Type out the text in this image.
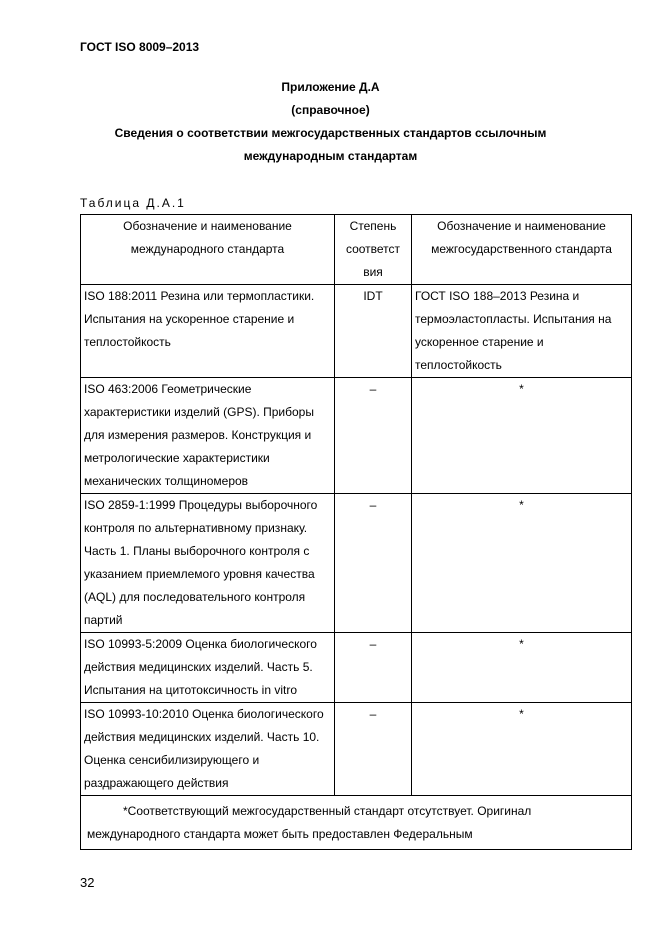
ГОСТ ISO 8009–2013
Приложение Д.А
(справочное)
Сведения о соответствии межгосударственных стандартов ссылочным
международным стандартам
Таблица Д.А.1
Обозначение и наименование международного стандарта	Степень соответст вия	Обозначение и наименование межгосударственного стандарта
ISO 188:2011 Резина или термопластики. Испытания на ускоренное старение и теплостойкость	IDT	ГОСТ ISO 188–2013 Резина и термоэластопласты. Испытания на ускоренное старение и теплостойкость
ISO 463:2006 Геометрические характеристики изделий (GPS). Приборы для измерения размеров. Конструкция и метрологические характеристики механических толщиномеров	–	*
ISO 2859-1:1999 Процедуры выборочного контроля по альтернативному признаку. Часть 1. Планы выборочного контроля с указанием приемлемого уровня качества (AQL) для последовательного контроля партий	–	*
ISO 10993-5:2009 Оценка биологического действия медицинских изделий. Часть 5. Испытания на цитотоксичность in vitro	–	*
ISO 10993-10:2010 Оценка биологического действия медицинских изделий. Часть 10. Оценка сенсибилизирующего и раздражающего действия	–	*

*Соответствующий межгосударственный стандарт отсутствует. Оригинал международного стандарта может быть предоставлен Федеральным		
32
